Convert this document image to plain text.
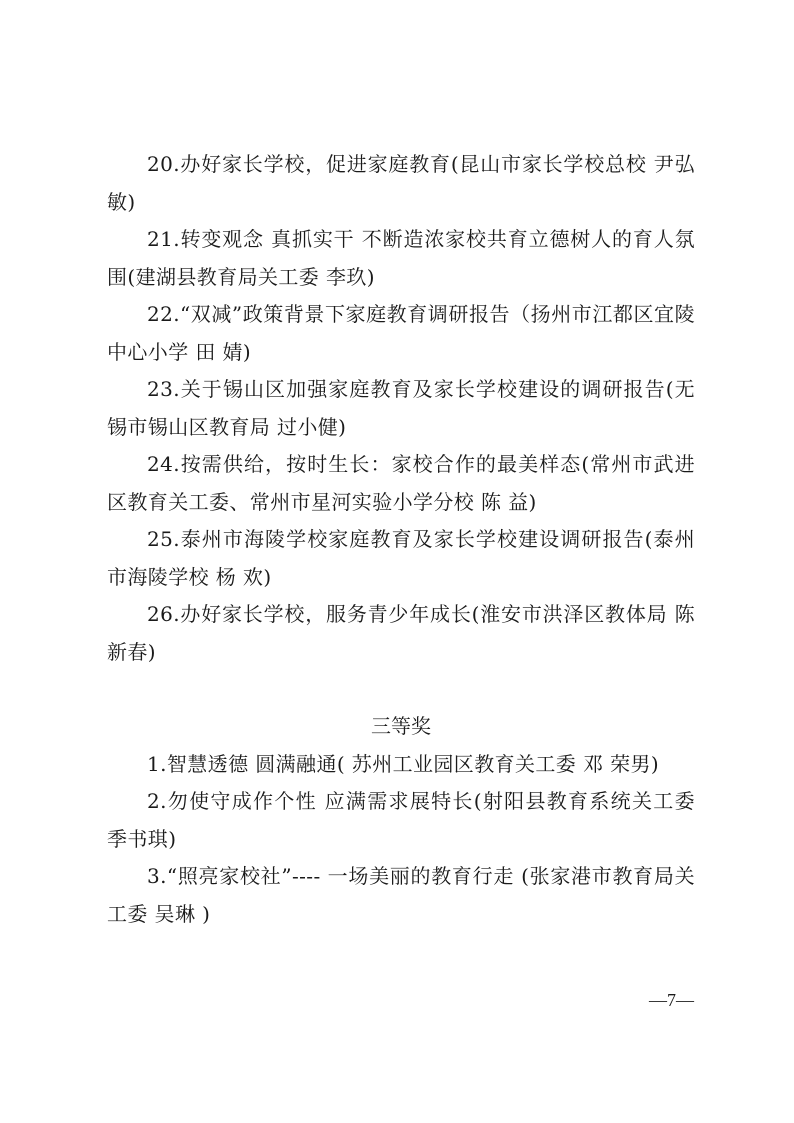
20.办好家长学校，促进家庭教育(昆山市家长学校总校 尹弘敏)

21.转变观念 真抓实干 不断造浓家校共育立德树人的育人氛围(建湖县教育局关工委 李玖)

22.“双减”政策背景下家庭教育调研报告（扬州市江都区宜陵中心小学 田 婧)

23.关于锡山区加强家庭教育及家长学校建设的调研报告(无锡市锡山区教育局 过小健)

24.按需供给，按时生长：家校合作的最美样态(常州市武进区教育关工委、常州市星河实验小学分校 陈 益)

25.泰州市海陵学校家庭教育及家长学校建设调研报告(泰州市海陵学校 杨 欢)

26.办好家长学校，服务青少年成长(淮安市洪泽区教体局 陈新春)

三等奖

1.智慧透德 圆满融通( 苏州工业园区教育关工委 邓 荣男)

2.勿使守成作个性 应满需求展特长(射阳县教育系统关工委 季书琪)

3.“照亮家校社”---- 一场美丽的教育行走 (张家港市教育局关工委 吴琳 )

—7—
